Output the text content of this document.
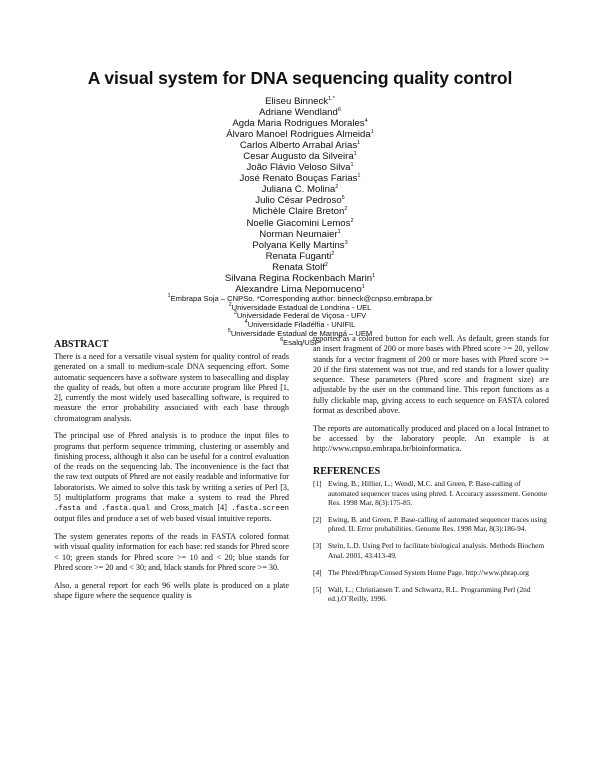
A visual system for DNA sequencing quality control
Eliseu Binneck$^{1,*}$
Adriane Wendland$^6$
Agda Maria Rodrigues Morales$^4$
Álvaro Manoel Rodrigues Almeida$^1$
Carlos Alberto Arrabal Arias$^1$
Cesar Augusto da Silveira$^1$
João Flávio Veloso Silva$^1$
José Renato Bouças Farias$^1$
Juliana C. Molina$^2$
Julio César Pedroso$^5$
Michèle Claire Breton$^2$
Noelle Giacomini Lemos$^2$
Norman Neumaier$^1$
Polyana Kelly Martins$^3$
Renata Fuganti$^2$
Renata Stolf$^2$
Silvana Regina Rockenbach Marin$^1$
Alexandre Lima Nepomuceno$^1$
$^1$Embrapa Soja – CNPSo. *Corresponding author: binneck@cnpso.embrapa.br
$^2$Universidade Estadual de Londrina - UEL
$^3$Universidade Federal de Viçosa - UFV
$^4$Universidade Filadélfia - UNIFIL
$^5$Universidade Estadual de Maringá – UEM
$^6$Esalq/USP
ABSTRACT

There is a need for a versatile visual system for quality control of reads generated on a small to medium-scale DNA sequencing effort. Some automatic sequencers have a software system to basecalling and display the quality of reads, but often a more accurate program like Phred [1, 2], currently the most widely used basecalling software, is required to measure the error probability associated with each base through chromatogram analysis.

The principal use of Phred analysis is to produce the input files to programs that perform sequence trimming, clustering or assembly and finishing process, although it also can be useful for a control evaluation of the reads on the sequencing lab. The inconvenience is the fact that the raw text outputs of Phred are not easily readable and informative for laboratorists. We aimed to solve this task by writing a series of Perl [3, 5] multiplatform programs that make a system to read the Phred .fasta and .fasta.qual and Cross_match [4] .fasta.screen output files and produce a set of web based visual intuitive reports.

The system generates reports of the reads in FASTA colored format with visual quality information for each base: red stands for Phred score < 10; green stands for Phred score >= 10 and < 20; blue stands for Phred score >= 20 and < 30; and, black stands for Phred score >= 30.

Also, a general report for each 96 wells plate is produced on a plate shape figure where the sequence quality is

reported as a colored button for each well. As default, green stands for an insert fragment of 200 or more bases with Phred score >= 20, yellow stands for a vector fragment of 200 or more bases with Phred score >= 20 if the first statement was not true, and red stands for a lower quality sequence. These parameters (Phred score and fragment size) are adjustable by the user on the command line. This report functions as a fully clickable map, giving access to each sequence on FASTA colored format as described above.

The reports are automatically produced and placed on a local Intranet to be accessed by the laboratory people. An example is at http://www.cnpso.embrapa.br/bioinformatica.

REFERENCES
[1] Ewing, B.; Hillier, L.; Wendl, M.C. and Green, P. Base-calling of automated sequencer traces using phred. I. Accuracy assessment. Genome Res. 1998 Mar, 8(3):175-85.
[2] Ewing, B. and Green, P. Base-calling of automated sequencer traces using phred. II. Error probabilities. Genome Res. 1998 Mar, 8(3):186-94.
[3] Stein, L.D. Using Perl to facilitate biological analysis. Methods Biochem Anal. 2001, 43:413-49.
[4] The Phred/Phrap/Consed System Home Page. http://www.phrap.org
[5] Wall, L.; Christiansen T. and Schwartz, R.L. Programming Perl (2nd ed.).O´Reilly, 1996.
